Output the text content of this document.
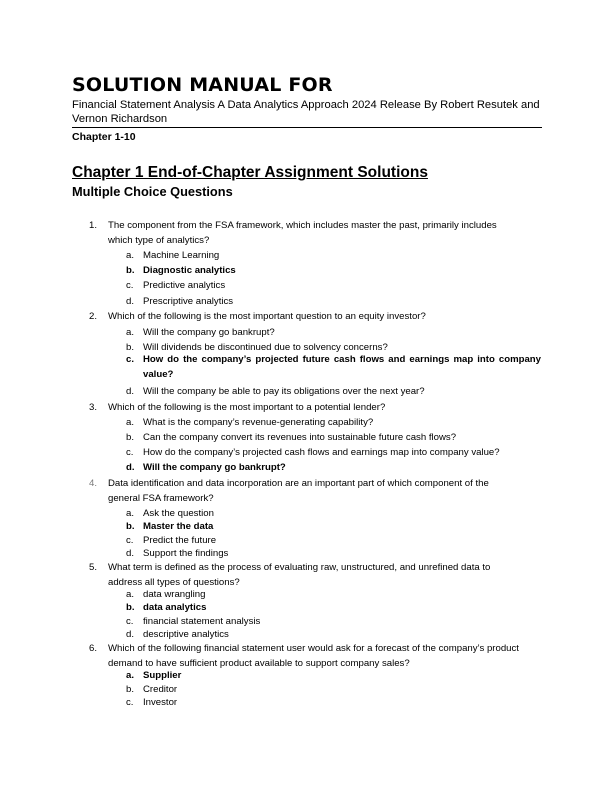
SOLUTION MANUAL FOR
Financial Statement Analysis A Data Analytics Approach 2024 Release By Robert Resutek and Vernon Richardson
Chapter 1-10
Chapter 1 End-of-Chapter Assignment Solutions
Multiple Choice Questions
1. The component from the FSA framework, which includes master the past, primarily includes which type of analytics?
a. Machine Learning
b. Diagnostic analytics
c. Predictive analytics
d. Prescriptive analytics
2. Which of the following is the most important question to an equity investor?
a. Will the company go bankrupt?
b. Will dividends be discontinued due to solvency concerns?
c. How do the company’s projected future cash flows and earnings map into company value?
d. Will the company be able to pay its obligations over the next year?
3. Which of the following is the most important to a potential lender?
a. What is the company’s revenue-generating capability?
b. Can the company convert its revenues into sustainable future cash flows?
c. How do the company’s projected cash flows and earnings map into company value?
d. Will the company go bankrupt?
4. Data identification and data incorporation are an important part of which component of the general FSA framework?
a. Ask the question
b. Master the data
c. Predict the future
d. Support the findings
5. What term is defined as the process of evaluating raw, unstructured, and unrefined data to address all types of questions?
a. data wrangling
b. data analytics
c. financial statement analysis
d. descriptive analytics
6. Which of the following financial statement user would ask for a forecast of the company’s product demand to have sufficient product available to support company sales?
a. Supplier
b. Creditor
c. Investor
